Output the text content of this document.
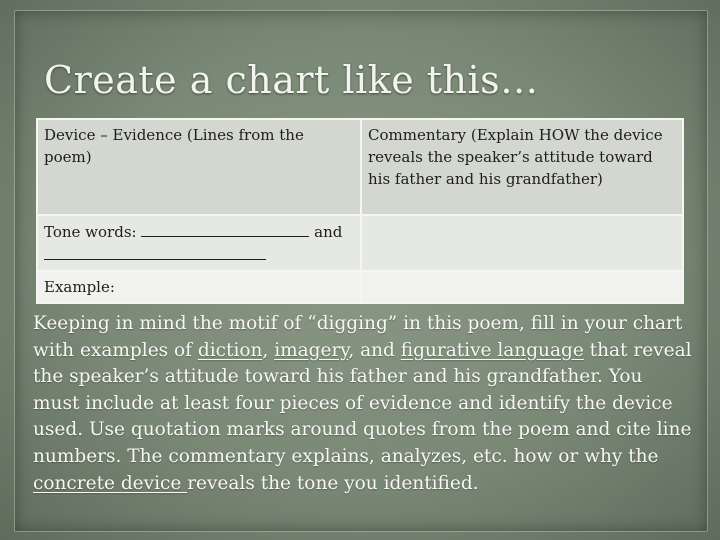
Create a chart like this…
Device – Evidence (Lines from the poem)	Commentary (Explain HOW the device reveals the speaker’s attitude toward his father and his grandfather)
Tone words: and

Example:	
Keeping in mind the motif of “digging” in this poem, fill in your chart with examples of diction, imagery, and figurative language that reveal the speaker’s attitude toward his father and his grandfather. You must include at least four pieces of evidence and identify the device used. Use quotation marks around quotes from the poem and cite line numbers. The commentary explains, analyzes, etc. how or why the concrete device reveals the tone you identified.
